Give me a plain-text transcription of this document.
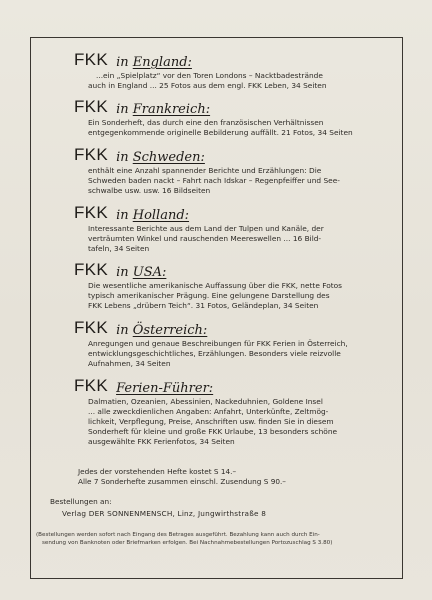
FKK in England:
...ein „Spielplatz“ vor den Toren Londons – Nacktbadestrände
auch in England ... 25 Fotos aus dem engl. FKK Leben, 34 Seiten
FKK in Frankreich:
Ein Sonderheft, das durch eine den französischen Verhältnissen
entgegenkommende originelle Bebilderung auffällt. 21 Fotos, 34 Seiten
FKK in Schweden:
enthält eine Anzahl spannender Berichte und Erzählungen: Die
Schweden baden nackt – Fahrt nach Idskar – Regenpfeiffer und See-
schwalbe usw. usw. 16 Bildseiten
FKK in Holland:
Interessante Berichte aus dem Land der Tulpen und Kanäle, der
verträumten Winkel und rauschenden Meereswellen ... 16 Bild-
tafeln, 34 Seiten
FKK in USA:
Die wesentliche amerikanische Auffassung über die FKK, nette Fotos
typisch amerikanischer Prägung. Eine gelungene Darstellung des
FKK Lebens „drübern Teich“. 31 Fotos, Geländeplan, 34 Seiten
FKK in Österreich:
Anregungen und genaue Beschreibungen für FKK Ferien in Österreich,
entwicklungsgeschichtliches, Erzählungen. Besonders viele reizvolle
Aufnahmen, 34 Seiten
FKK Ferien-Führer:
Dalmatien, Ozeanien, Abessinien, Nackeduhnien, Goldene Insel
... alle zweckdienlichen Angaben: Anfahrt, Unterkünfte, Zeltmög-
lichkeit, Verpflegung, Preise, Anschriften usw. finden Sie in diesem
Sonderheft für kleine und große FKK Urlaube, 13 besonders schöne
ausgewählte FKK Ferienfotos, 34 Seiten
Jedes der vorstehenden Hefte kostet S 14.–
Alle 7 Sonderhefte zusammen einschl. Zusendung S 90.–
Bestellungen an:
Verlag DER SONNENMENSCH, Linz, Jungwirthstraße 8
(Bestellungen werden sofort nach Eingang des Betrages ausgeführt. Bezahlung kann auch durch Ein-
sendung von Banknoten oder Briefmarken erfolgen. Bei Nachnahmebestellungen Portozuschlag S 3.80)
